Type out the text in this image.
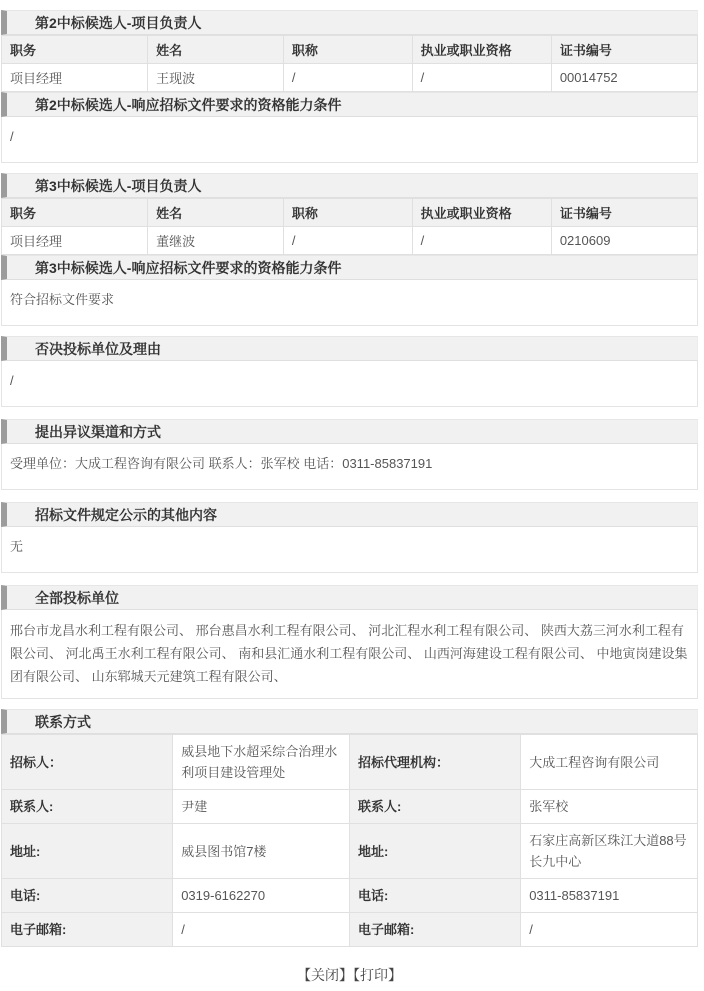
第2中标候选人-项目负责人
职务	姓名	职称	执业或职业资格	证书编号
项目经理	王现波	/	/	00014752
第2中标候选人-响应招标文件要求的资格能力条件
/
第3中标候选人-项目负责人
职务	姓名	职称	执业或职业资格	证书编号
项目经理	董继波	/	/	0210609
第3中标候选人-响应招标文件要求的资格能力条件
符合招标文件要求
否决投标单位及理由
/
提出异议渠道和方式
受理单位：大成工程咨询有限公司 联系人：张军校 电话：0311-85837191
招标文件规定公示的其他内容
无
全部投标单位
邢台市龙昌水利工程有限公司、 邢台惠昌水利工程有限公司、 河北汇程水利工程有限公司、 陕西大荔三河水利工程有限公司、 河北禹王水利工程有限公司、 南和县汇通水利工程有限公司、 山西河海建设工程有限公司、 中地寅岗建设集团有限公司、 山东郓城天元建筑工程有限公司、
联系方式
招标人：	威县地下水超采综合治理水利项目建设管理处	招标代理机构：	大成工程咨询有限公司
联系人:	尹建	联系人:	张军校
地址:	威县图书馆7楼	地址:	石家庄高新区珠江大道88号长九中心
电话:	0319-6162270	电话:	0311-85837191
电子邮箱:	/	电子邮箱:	/
【关闭】【打印】
